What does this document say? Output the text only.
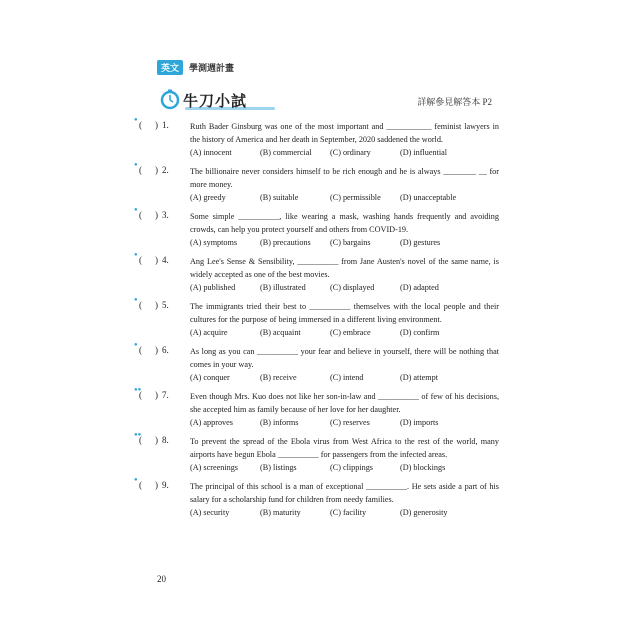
英文	學測週計畫
牛刀小試	詳解參見解答本 P2
● ( ) 1.	Ruth Bader Ginsburg was one of the most important and ___________ feminist lawyers in the history of America and her death in September, 2020 saddened the world.
(A) innocent	(B) commercial	(C) ordinary	(D) influential
● ( ) 2.	The billionaire never considers himself to be rich enough and he is always ________ __ for more money.
(A) greedy	(B) suitable	(C) permissible	(D) unacceptable
● ( ) 3.	Some simple __________, like wearing a mask, washing hands frequently and avoiding crowds, can help you protect yourself and others from COVID-19.
(A) symptoms	(B) precautions	(C) bargains	(D) gestures
● ( ) 4.	Ang Lee's Sense & Sensibility, __________ from Jane Austen's novel of the same name, is widely accepted as one of the best movies.
(A) published	(B) illustrated	(C) displayed	(D) adapted
● ( ) 5.	The immigrants tried their best to __________ themselves with the local people and their cultures for the purpose of being immersed in a different living environment.
(A) acquire	(B) acquaint	(C) embrace	(D) confirm
● ( ) 6.	As long as you can __________ your fear and believe in yourself, there will be nothing that comes in your way.
(A) conquer	(B) receive	(C) intend	(D) attempt
●●
( ) 7.	Even though Mrs. Kuo does not like her son-in-law and __________ of few of his decisions, she accepted him as family because of her love for her daughter.
(A) approves	(B) informs	(C) reserves	(D) imports
●●
( ) 8.	To prevent the spread of the Ebola virus from West Africa to the rest of the world, many airports have begun Ebola __________ for passengers from the infected areas.
(A) screenings	(B) listings	(C) clippings	(D) blockings
● ( ) 9.	The principal of this school is a man of exceptional __________. He sets aside a part of his salary for a scholarship fund for children from needy families.
(A) security	(B) maturity	(C) facility	(D) generosity
20
